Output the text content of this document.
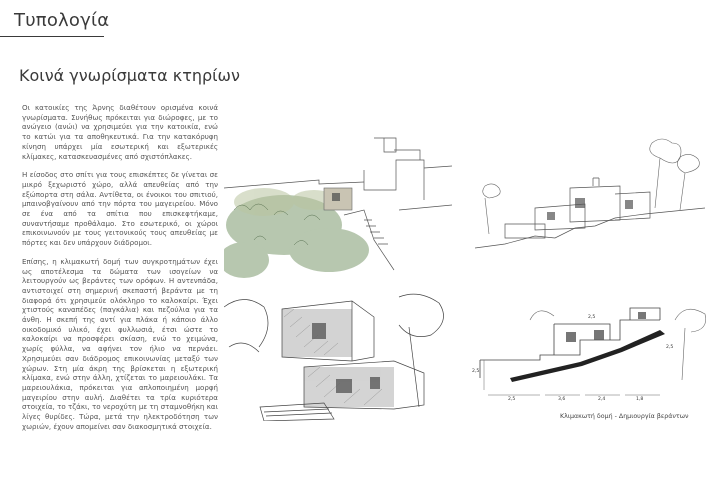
Τυπολογία
Κοινά γνωρίσματα κτηρίων

Οι κατοικίες της Άρνης διαθέτουν ορισμένα κοινά γνωρίσματα. Συνήθως πρόκειται για διώροφες, με το ανώγειο (ανώι) να χρησιμεύει για την κατοικία, ενώ το κατώι για τα αποθηκευτικά. Για την κατακόρυφη κίνηση υπάρχει μία εσωτερική και εξωτερικές κλίμακες, κατασκευασμένες από σχιστόπλακες.

Η είσοδος στο σπίτι για τους επισκέπτες δε γίνεται σε μικρό ξεχωριστό χώρο, αλλά απευθείας από την εξώπορτα στη σάλα. Αντίθετα, οι ένοικοι του σπιτιού, μπαινοβγαίνουν από την πόρτα του μαγειρείου. Μόνο σε ένα από τα σπίτια που επισκεφτήκαμε, συναντήσαμε προθάλαμο. Στο εσωτερικό, οι χώροι επικοινωνούν με τους γειτονικούς τους απευθείας με πόρτες και δεν υπάρχουν διάδρομοι.

Επίσης, η κλιμακωτή δομή των συγκροτημάτων έχει ως αποτέλεσμα τα δώματα των ισογείων να λειτουργούν ως βεράντες των ορόφων. Η αντενπάδα, αντιστοιχεί στη σημερινή σκεπαστή βεράντα με τη διαφορά ότι χρησιμεύε ολόκληρο το καλοκαίρι. Έχει χτιστούς καναπέδες (παγκάλια) και πεζούλια για τα άνθη. Η σκεπή της αντί για πλάκα ή κάποιο άλλο οικοδομικό υλικό, έχει φυλλωσιά, έτσι ώστε το καλοκαίρι να προσφέρει σκίαση, ενώ το χειμώνα, χωρίς φύλλα, να αφήνει τον ήλιο να περνάει. Χρησιμεύει σαν διάδρομος επικοινωνίας μεταξύ των χώρων. Στη μία άκρη της βρίσκεται η εξωτερική κλίμακα, ενώ στην άλλη, χτίζεται το μαρειουλάκι. Τα μαρειουλάκια, πρόκειται για απλοποιημένη μορφή μαγειρίου στην αυλή. Διαθέτει τα τρία κυριότερα στοιχεία, το τζάκι, το νεροχύτη με τη σταμνοθήκη και λίγες θυρίδες. Τώρα, μετά την ηλεκτροδότηση των χωριών, έχουν απομείνει σαν διακοσμητικά στοιχεία.

2,5	3,6	2,4	1,8
2,5
2,5
2,5
Κλιμακωτή δομή - Δημιουργία βεράντων
